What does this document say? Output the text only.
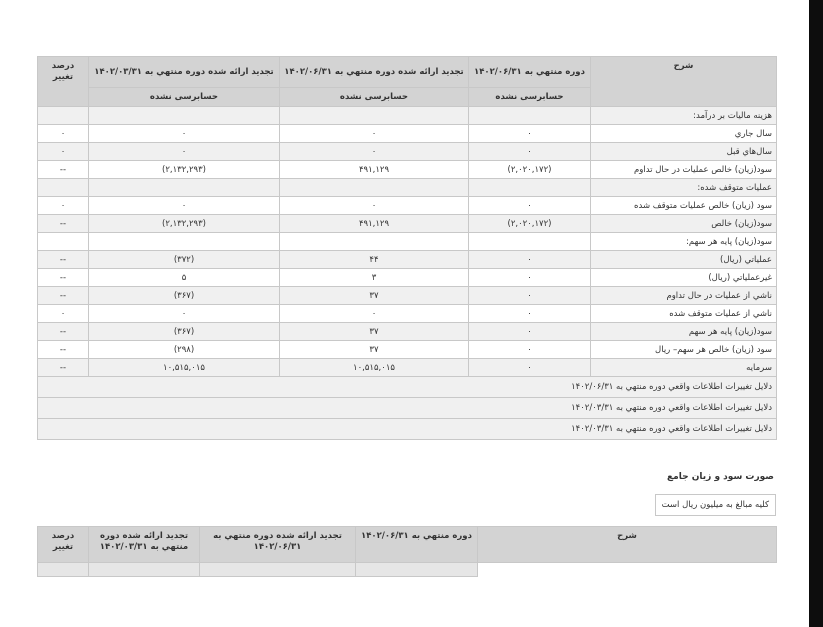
شرح	دوره منتهي به ۱۴۰۲/۰۶/۳۱	تجديد ارائه شده دوره منتهي به ۱۴۰۲/۰۶/۳۱	تجديد ارائه شده دوره منتهي به ۱۴۰۲/۰۳/۳۱	درصد تغيير
	حسابرسی نشده	حسابرسی نشده	حسابرسی نشده	
هزينه ماليات بر درآمد:				
سال جاري	۰	۰	۰	۰
سال‌هاي قبل	۰	۰	۰	۰
سود(زيان) خالص عمليات در حال تداوم	(۲,۰۲۰,۱۷۲)	۴۹۱,۱۲۹	(۲,۱۳۲,۲۹۳)	--
عمليات متوقف شده:				
سود (زيان) خالص عمليات متوقف شده	۰	۰	۰	۰
سود(زيان) خالص	(۲,۰۲۰,۱۷۲)	۴۹۱,۱۲۹	(۲,۱۳۲,۲۹۳)	--
سود(زيان) پايه هر سهم:				
عملياتي (ريال)	۰	۴۴	(۳۷۲)	--
غيرعملياتي (ريال)	۰	۳	۵	--
ناشي از عمليات در حال تداوم	۰	۳۷	(۳۶۷)	--
ناشي از عمليات متوقف شده	۰	۰	۰	۰
سود(زيان) پايه هر سهم	۰	۳۷	(۳۶۷)	--
سود (زيان) خالص هر سهم– ريال	۰	۳۷	(۲۹۸)	--
سرمايه	۰	۱۰,۵۱۵,۰۱۵	۱۰,۵۱۵,۰۱۵	--
دلايل تغييرات اطلاعات واقعي دوره منتهي به ۱۴۰۲/۰۶/۳۱				
دلايل تغييرات اطلاعات واقعي دوره منتهي به ۱۴۰۲/۰۳/۳۱				
دلايل تغييرات اطلاعات واقعي دوره منتهي به ۱۴۰۲/۰۳/۳۱				
صورت سود و زيان جامع
کليه مبالغ به ميليون ريال است
شرح	دوره منتهي به ۱۴۰۲/۰۶/۳۱	تجديد ارائه شده دوره منتهي به ۱۴۰۲/۰۶/۳۱	تجديد ارائه شده دوره منتهي به ۱۴۰۲/۰۳/۳۱	درصد تغيير
